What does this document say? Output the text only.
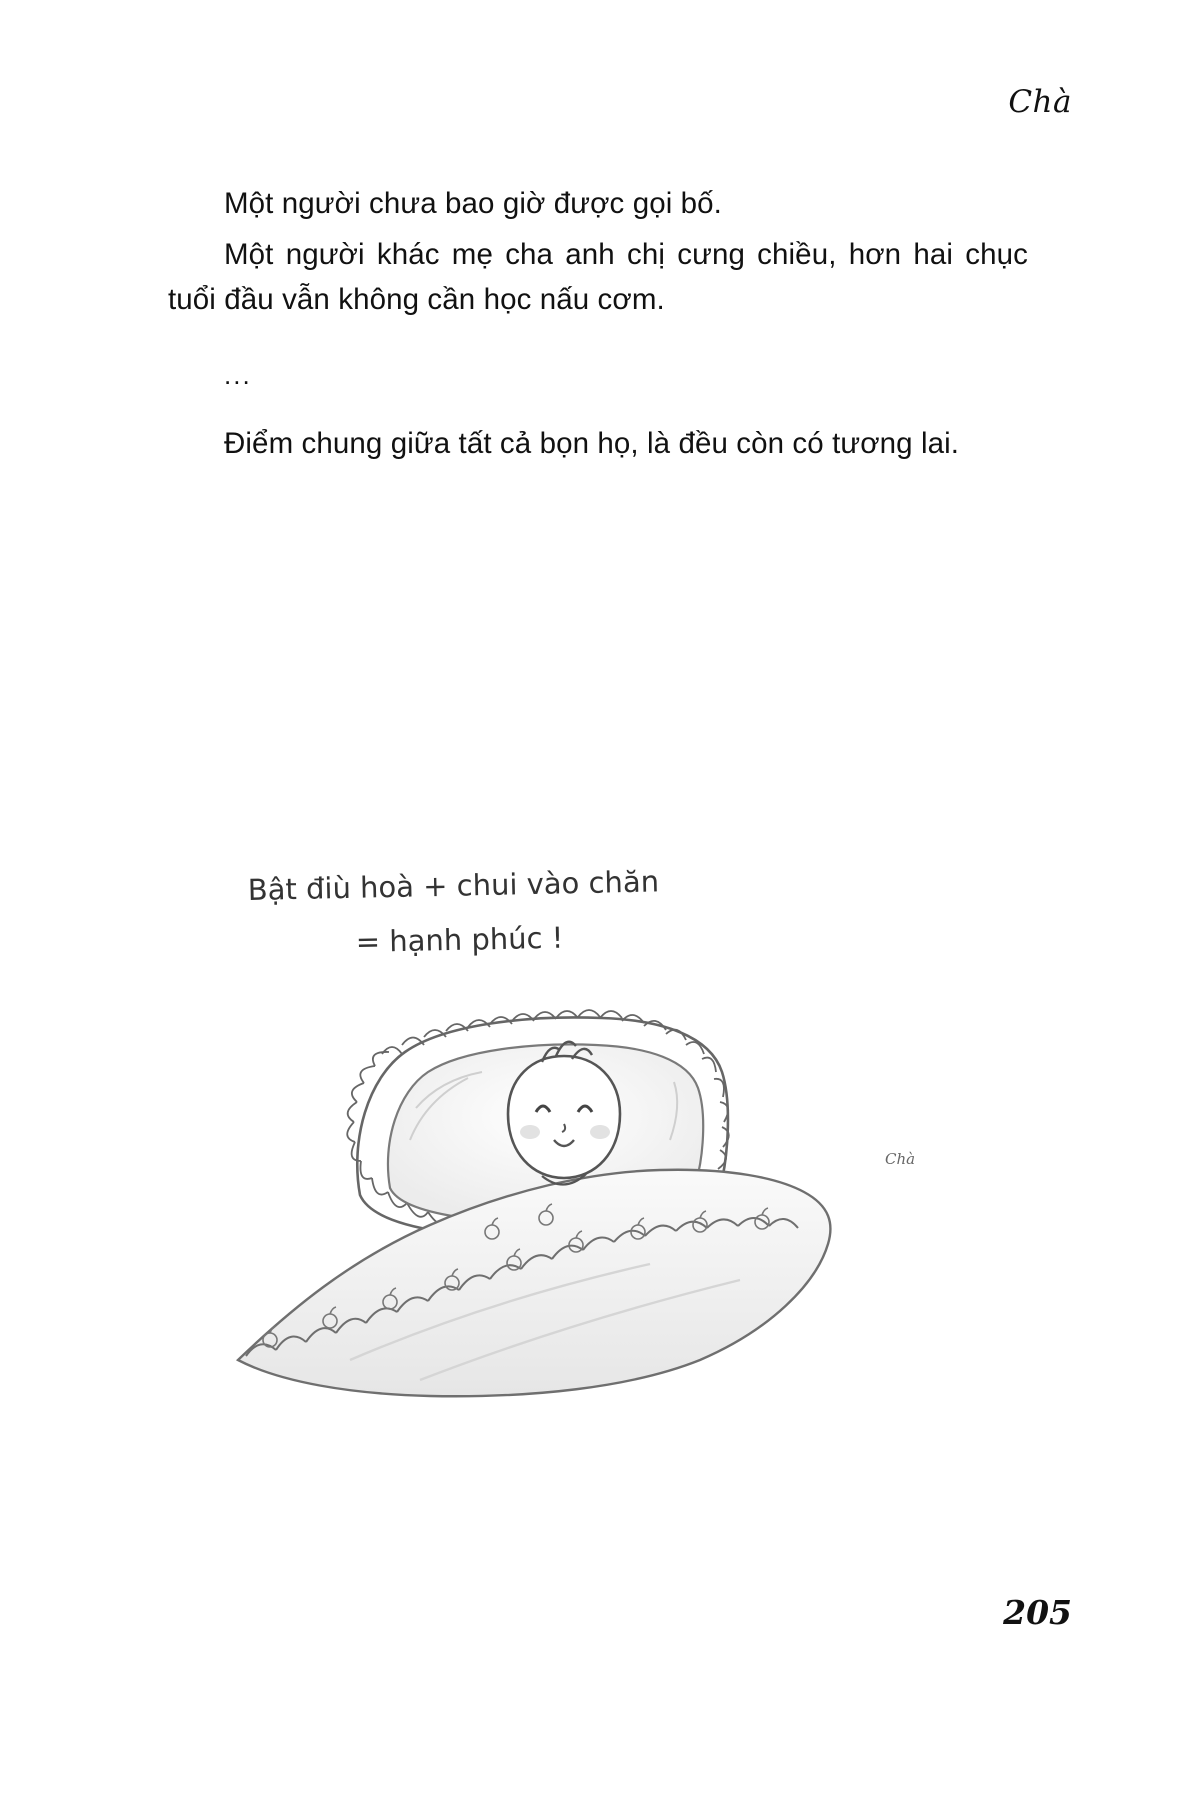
Chà

Một người chưa bao giờ được gọi bố.

Một người khác mẹ cha anh chị cưng chiều, hơn hai chục tuổi đầu vẫn không cần học nấu cơm.

...

Điểm chung giữa tất cả bọn họ, là đều còn có tương lai.

Bật điù hoà + chui vào chăn
= hạnh phúc !
Chà
205
